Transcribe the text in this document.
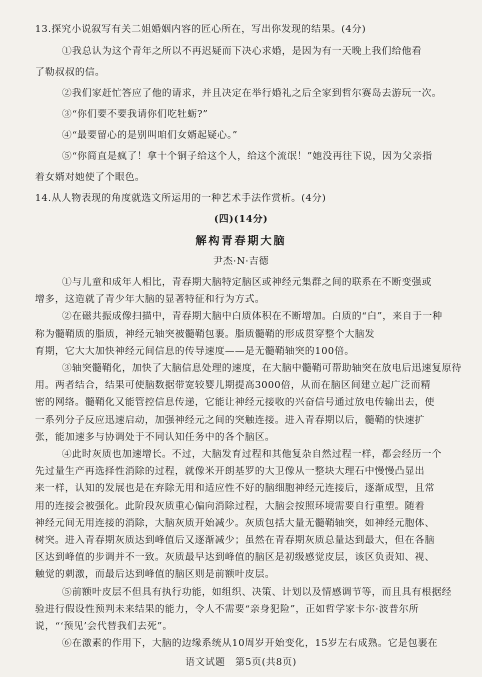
13.探究小说叙写有关二姐婚姻内容的匠心所在，写出你发现的结果。(4分)
①我总认为这个青年之所以不再迟疑而下决心求婚，是因为有一天晚上我们给他看
了勒叔叔的信。
②我们家赶忙答应了他的请求，并且决定在举行婚礼之后全家到哲尔赛岛去游玩一次。
③“你们要不要我请你们吃牡蛎?”
④“最要留心的是别叫咱们女婿起疑心。”
⑤“你简直是疯了！拿十个铜子给这个人，给这个流氓！”她没再往下说，因为父亲指
着女婿对她使了个眼色。
14.从人物表现的角度就选文所运用的一种艺术手法作赏析。(4分)
(四)(14分)
解构青春期大脑
尹杰·N·吉德
①与儿童和成年人相比，青春期大脑特定脑区或神经元集群之间的联系在不断变强或
增多，这造就了青少年大脑的显著特征和行为方式。
②在磁共振成像扫描中，青春期大脑中白质体积在不断增加。白质的“白”，来自于一种
称为髓鞘质的脂质，神经元轴突被髓鞘包裹。脂质髓鞘的形成贯穿整个大脑发
育期，它大大加快神经元间信息的传导速度——是无髓鞘轴突的100倍。
③轴突髓鞘化，加快了大脑信息处理的速度，在大脑中髓鞘可帮助轴突在放电后迅速复原待
用。两者结合，结果可使脑数据带宽较婴儿期提高3000倍，从而在脑区间建立起广泛而精
密的网络。髓鞘化又能管控信息传递，它能让神经元接收的兴奋信号通过放电传输出去，使
一系列分子反应迅速启动，加强神经元之间的突触连接。进入青春期以后，髓鞘的快速扩
张，能加速多与协调处于不同认知任务中的各个脑区。
④此时灰质也加速增长。不过，大脑发育过程和其他复杂自然过程一样，都会经历一个
先过量生产再选择性消除的过程，就像米开朗基罗的大卫像从一整块大理石中慢慢凸显出
来一样，认知的发展也是在弃除无用和适应性不好的脑细胞神经元连接后，逐渐成型，且常
用的连接会被强化。此阶段灰质重心偏向消除过程，大脑会按照环境需要自行重塑。随着
神经元间无用连接的消除，大脑灰质开始减少。灰质包括大量无髓鞘轴突，如神经元胞体、
树突。进入青春期灰质达到峰值后又逐渐减少；虽然在青春期灰质总量达到最大，但在各脑
区达到峰值的步调并不一致。灰质最早达到峰值的脑区是初级感觉皮层，该区负责知、视、
触觉的刺激，而最后达到峰值的脑区则是前额叶皮层。
⑤前额叶皮层不但具有执行功能，如组织、决策、计划以及情感调节等，而且具有根据经
验进行假设性预判未来结果的能力，令人不需要“亲身犯险”，正如哲学家卡尔·波普尔所
说，“‘预见’会代替我们去死”。
⑥在激素的作用下，大脑的边缘系统从10周岁开始变化，15岁左右成熟。它是包裹在
语文试题　第5页(共8页)
